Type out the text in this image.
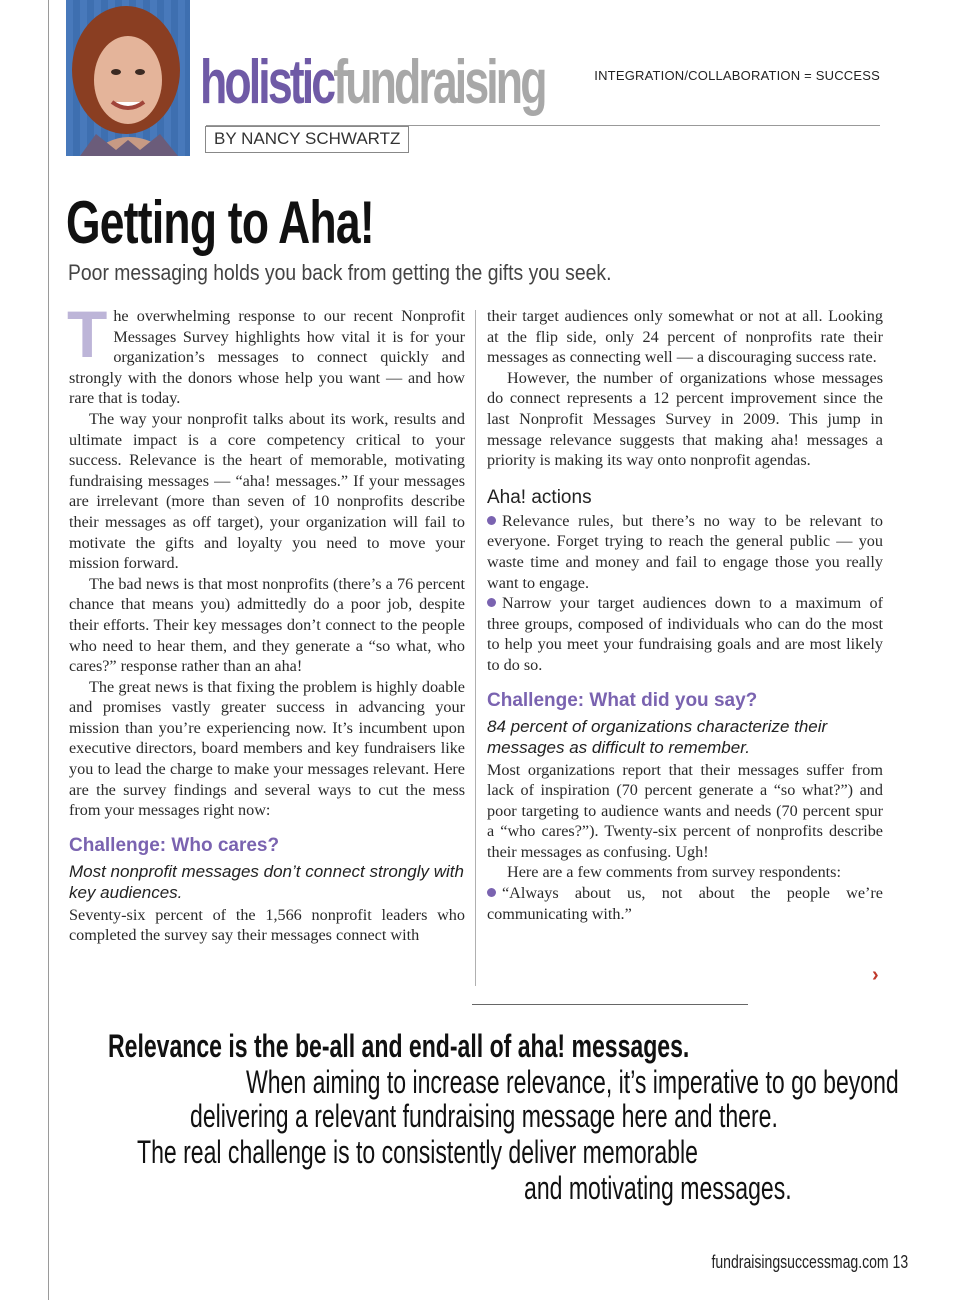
holisticfundraising	INTEGRATION/COLLABORATION = SUCCESS
BY NANCY SCHWARTZ
Getting to Aha!
Poor messaging holds you back from getting the gifts you seek.

The overwhelming response to our recent Nonprofit Messages Survey highlights how vital it is for your organization’s messages to connect quickly and strongly with the donors whose help you want — and how rare that is today.

The way your nonprofit talks about its work, results and ultimate impact is a core competency critical to your success. Relevance is the heart of memorable, motivating fundraising messages — “aha! messages.” If your messages are irrelevant (more than seven of 10 nonprofits describe their messages as off target), your organization will fail to motivate the gifts and loyalty you need to move your mission forward.

The bad news is that most nonprofits (there’s a 76 percent chance that means you) admittedly do a poor job, despite their efforts. Their key messages don’t connect to the people who need to hear them, and they generate a “so what, who cares?” response rather than an aha!

The great news is that fixing the problem is highly doable and promises vastly greater success in advancing your mission than you’re experiencing now. It’s incumbent upon executive directors, board members and key fundraisers like you to lead the charge to make your messages relevant. Here are the survey findings and several ways to cut the mess from your messages right now:

Challenge: Who cares?
Most nonprofit messages don’t connect strongly with key audiences.

Seventy-six percent of the 1,566 nonprofit leaders who completed the survey say their messages connect with

their target audiences only somewhat or not at all. Looking at the flip side, only 24 percent of nonprofits rate their messages as connecting well — a discouraging success rate.

However, the number of organizations whose messages do connect represents a 12 percent improvement since the last Nonprofit Messages Survey in 2009. This jump in message relevance suggests that making aha! messages a priority is making its way onto nonprofit agendas.

Aha! actions

Relevance rules, but there’s no way to be relevant to everyone. Forget trying to reach the general public — you waste time and money and fail to engage those you really want to engage.

Narrow your target audiences down to a maximum of three groups, composed of individuals who can do the most to help you meet your fundraising goals and are most likely to do so.

Challenge: What did you say?
84 percent of organizations characterize their messages as difficult to remember.

Most organizations report that their messages suffer from lack of inspiration (70 percent generate a “so what?”) and poor targeting to audience wants and needs (70 percent spur a “who cares?”). Twenty-six percent of nonprofits describe their messages as confusing. Ugh!

Here are a few comments from survey respondents:

“Always about us, not about the people we’re communicating with.”

›
Relevance is the be-all and end-all of aha! messages.
When aiming to increase relevance, it’s imperative to go beyond
delivering a relevant fundraising message here and there.
The real challenge is to consistently deliver memorable
and motivating messages.
fundraisingsuccessmag.com 13
